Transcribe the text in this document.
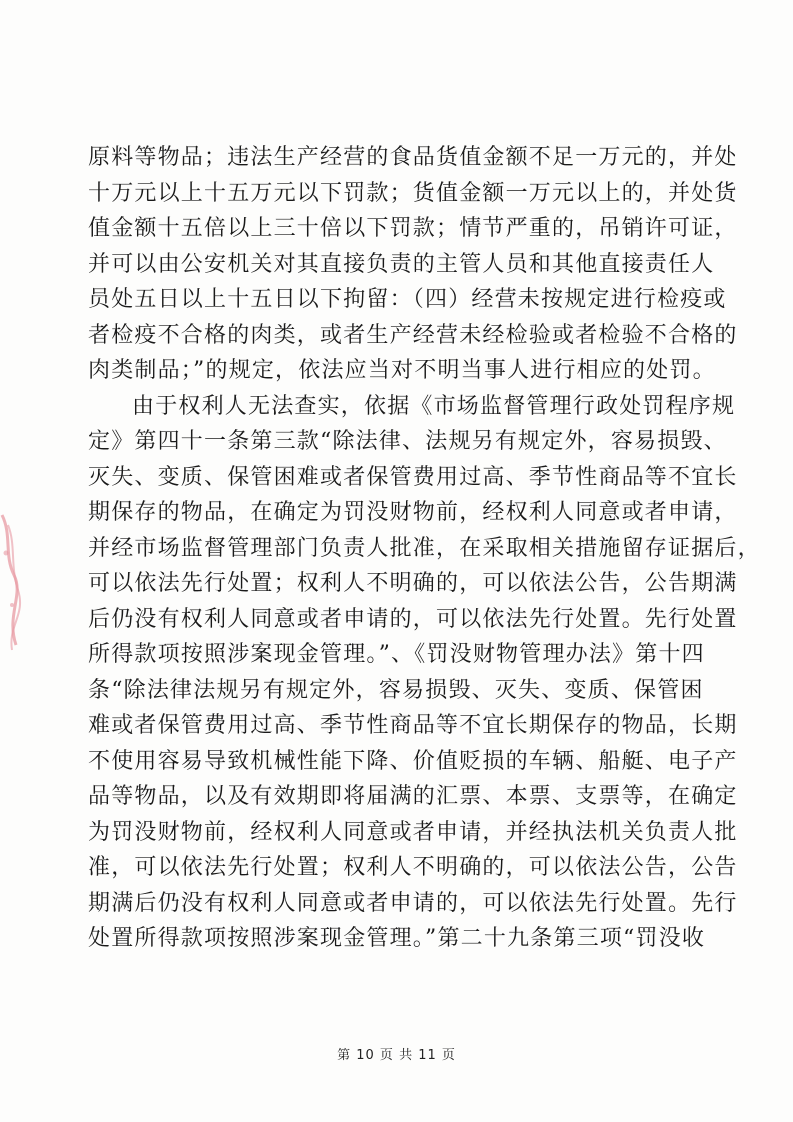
原料等物品；违法生产经营的食品货值金额不足一万元的，并处
十万元以上十五万元以下罚款；货值金额一万元以上的，并处货
值金额十五倍以上三十倍以下罚款；情节严重的，吊销许可证，
并可以由公安机关对其直接负责的主管人员和其他直接责任人
员处五日以上十五日以下拘留：（四）经营未按规定进行检疫或
者检疫不合格的肉类，或者生产经营未经检验或者检验不合格的
肉类制品；”的规定，依法应当对不明当事人进行相应的处罚。
由于权利人无法查实，依据《市场监督管理行政处罚程序规
定》第四十一条第三款“除法律、法规另有规定外，容易损毁、
灭失、变质、保管困难或者保管费用过高、季节性商品等不宜长
期保存的物品，在确定为罚没财物前，经权利人同意或者申请，
并经市场监督管理部门负责人批准，在采取相关措施留存证据后，
可以依法先行处置；权利人不明确的，可以依法公告，公告期满
后仍没有权利人同意或者申请的，可以依法先行处置。先行处置
所得款项按照涉案现金管理。”、《罚没财物管理办法》第十四
条“除法律法规另有规定外，容易损毁、灭失、变质、保管困
难或者保管费用过高、季节性商品等不宜长期保存的物品，长期
不使用容易导致机械性能下降、价值贬损的车辆、船艇、电子产
品等物品，以及有效期即将届满的汇票、本票、支票等，在确定
为罚没财物前，经权利人同意或者申请，并经执法机关负责人批
准，可以依法先行处置；权利人不明确的，可以依法公告，公告
期满后仍没有权利人同意或者申请的，可以依法先行处置。先行
处置所得款项按照涉案现金管理。”第二十九条第三项“罚没收
第 10 页 共 11 页
